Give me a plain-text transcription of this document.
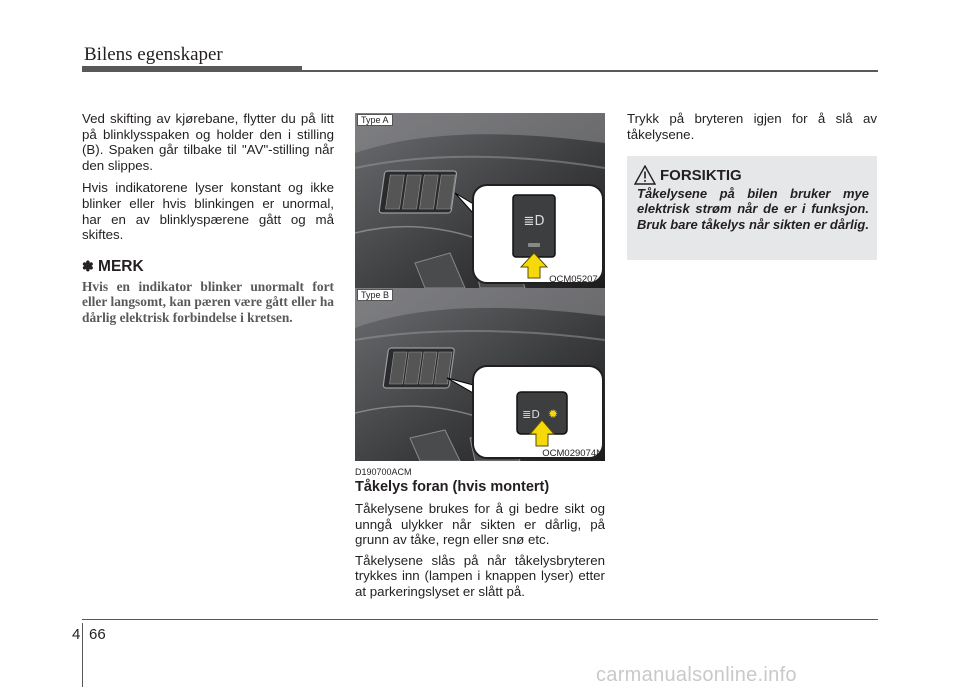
Bilens egenskaper

Ved skifting av kjørebane, flytter du på litt på blinklysspaken og holder den i stilling (B). Spaken går tilbake til "AV"-stilling når den slippes.

Hvis indikatorene lyser konstant og ikke blinker eller hvis blinkingen er unormal, har en av blinklyspærene gått og må skiftes.

✽ MERK
Hvis en indikator blinker unormalt fort eller langsomt, kan pæren være gått eller ha dårlig elektrisk forbindelse i kretsen.
≣D
Type A
OCM052074
≣D ✹
Type B
OCM029074N

D190700ACM

Tåkelys foran (hvis montert)

Tåkelysene brukes for å gi bedre sikt og unngå ulykker når sikten er dårlig, på grunn av tåke, regn eller snø etc.

Tåkelysene slås på når tåkelysbryteren trykkes inn (lampen i knappen lyser) etter at parkeringslyset er slått på.

Trykk på bryteren igjen for å slå av tåkelysene.

FORSIKTIG
Tåkelysene på bilen bruker mye elektrisk strøm når de er i funksjon. Bruk bare tåkelys når sikten er dårlig.
4 66
carmanualsonline.info
